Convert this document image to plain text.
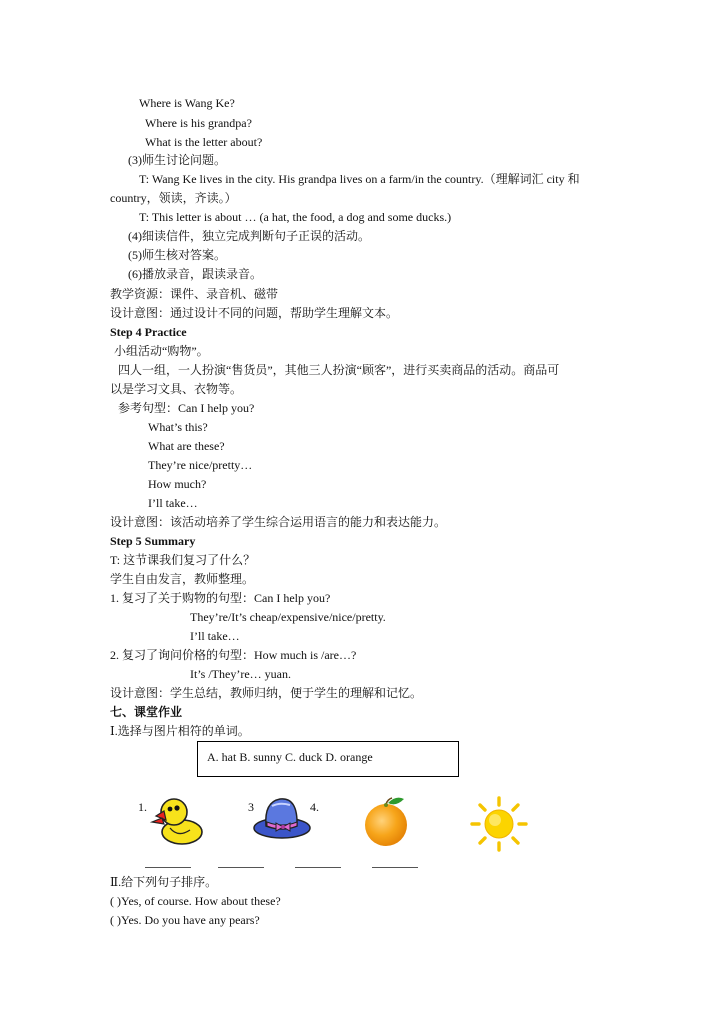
Where is Wang Ke?
Where is his grandpa?
What is the letter about?
(3)师生讨论问题。
T: Wang Ke lives in the city. His grandpa lives on a farm/in the country.（理解词汇 city 和
country，领读，齐读。）
T: This letter is about … (a hat, the food, a dog and some ducks.)
(4)细读信件，独立完成判断句子正误的活动。
(5)师生核对答案。
(6)播放录音，跟读录音。
教学资源：课件、录音机、磁带
设计意图：通过设计不同的问题，帮助学生理解文本。
Step 4 Practice
小组活动“购物”。
四人一组，一人扮演“售货员”，其他三人扮演“顾客”，进行买卖商品的活动。商品可
以是学习文具、衣物等。
参考句型：Can I help you?
What’s this?
What are these?
They’re nice/pretty…
How much?
I’ll take…
设计意图：该活动培养了学生综合运用语言的能力和表达能力。
Step 5 Summary
T: 这节课我们复习了什么？
学生自由发言，教师整理。
1. 复习了关于购物的句型：Can I help you?
They’re/It’s cheap/expensive/nice/pretty.
I’ll take…
2. 复习了询问价格的句型：How much is /are…?
It’s /They’re… yuan.
设计意图：学生总结，教师归纳，便于学生的理解和记忆。
七、课堂作业
Ⅰ.选择与图片相符的单词。
A. hat B. sunny C. duck D. orange
1.	3	4.
Ⅱ.给下列句子排序。
( )Yes, of course. How about these?
( )Yes. Do you have any pears?
